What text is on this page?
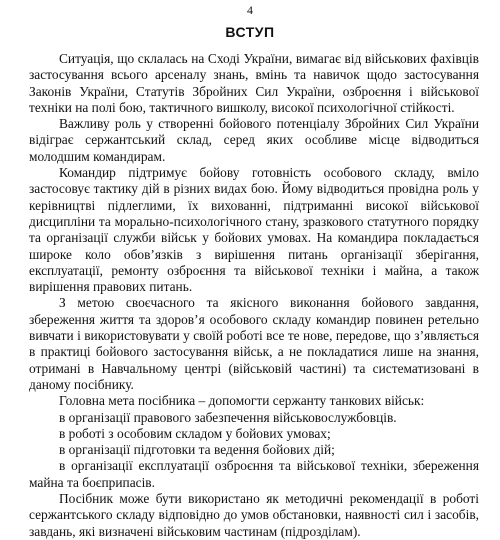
4
ВСТУП

Ситуація, що склалась на Сході України, вимагає від військових фахівців застосування всього арсеналу знань, вмінь та навичок щодо застосування Законів України, Статутів Збройних Сил України, озброєння і військової техніки на полі бою, тактичного вишколу, високої психологічної стійкості.

Важливу роль у створенні бойового потенціалу Збройних Сил України відіграє сержантський склад, серед яких особливе місце відводиться молодшим командирам.

Командир підтримує бойову готовність особового складу, вміло застосовує тактику дій в різних видах бою. Йому відводиться провідна роль у керівництві підлеглими, їх вихованні, підтриманні високої військової дисципліни та морально-психологічного стану, зразкового статутного порядку та організації служби військ у бойових умовах. На командира покладається широке коло обов’язків з вирішення питань організації зберігання, експлуатації, ремонту озброєння та військової техніки і майна, а також вирішення правових питань.

З метою своєчасного та якісного виконання бойового завдання, збереження життя та здоров’я особового складу командир повинен ретельно вивчати і використовувати у своїй роботі все те нове, передове, що з’являється в практиці бойового застосування військ, а не покладатися лише на знання, отримані в Навчальному центрі (військовій частині) та систематизовані в даному посібнику.

Головна мета посібника – допомогти сержанту танкових військ:

в організації правового забезпечення військовослужбовців.

в роботі з особовим складом у бойових умовах;

в організації підготовки та ведення бойових дій;

в організації експлуатації озброєння та військової техніки, збереження майна та боєприпасів.

Посібник може бути використано як методичні рекомендації в роботі сержантського складу відповідно до умов обстановки, наявності сил і засобів, завдань, які визначені військовим частинам (підрозділам).
